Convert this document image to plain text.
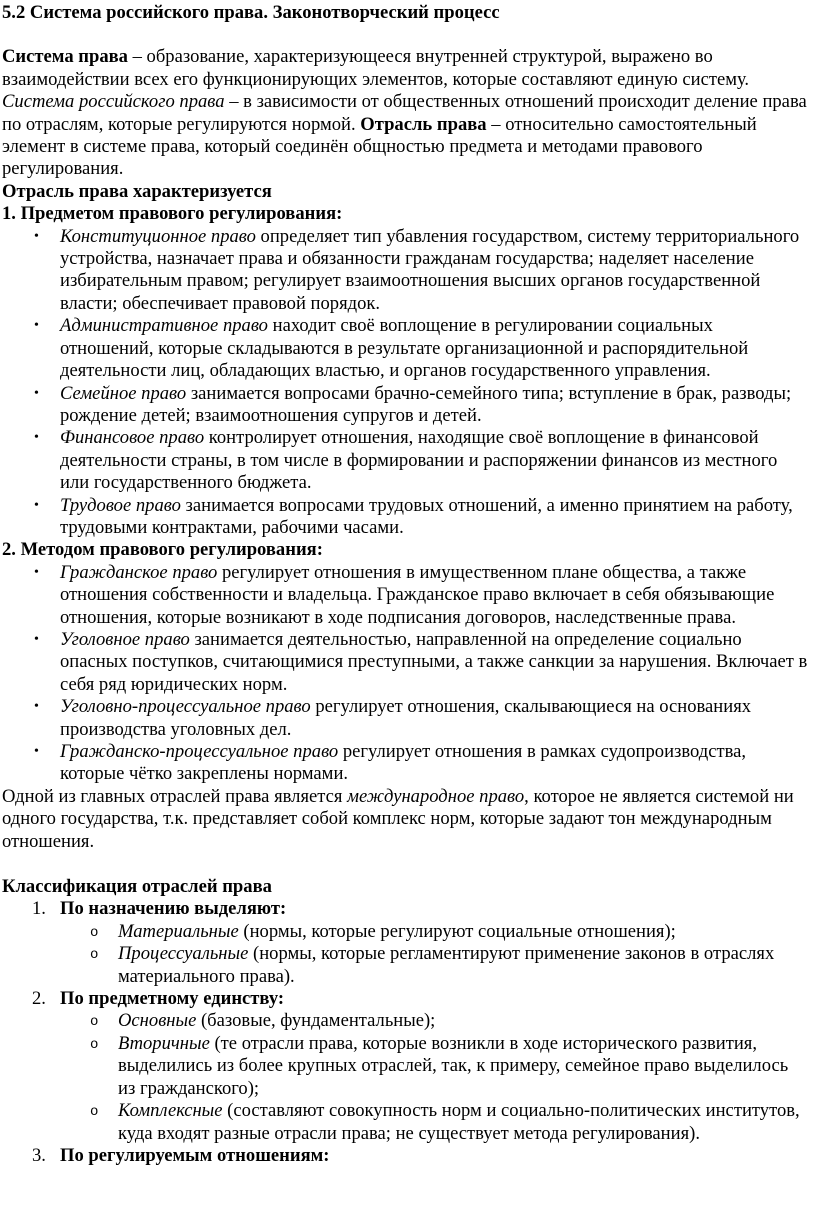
5.2 Система российского права. Законотворческий процесс

Система права – образование, характеризующееся внутренней структурой, выражено во взаимодействии всех его функционирующих элементов, которые составляют единую систему. Система российского права – в зависимости от общественных отношений происходит деление права по отраслям, которые регулируются нормой. Отрасль права – относительно самостоятельный элемент в системе права, который соединён общностью предмета и методами правового регулирования.

Отрасль права характеризуется

1. Предметом правового регулирования:

• Конституционное право определяет тип убавления государством, систему территориального устройства, назначает права и обязанности гражданам государства; наделяет население избирательным правом; регулирует взаимоотношения высших органов государственной власти; обеспечивает правовой порядок.
• Административное право находит своё воплощение в регулировании социальных отношений, которые складываются в результате организационной и распорядительной деятельности лиц, обладающих властью, и органов государственного управления.
• Семейное право занимается вопросами брачно-семейного типа; вступление в брак, разводы; рождение детей; взаимоотношения супругов и детей.
• Финансовое право контролирует отношения, находящие своё воплощение в финансовой деятельности страны, в том числе в формировании и распоряжении финансов из местного или государственного бюджета.
• Трудовое право занимается вопросами трудовых отношений, а именно принятием на работу, трудовыми контрактами, рабочими часами.

2. Методом правового регулирования:

• Гражданское право регулирует отношения в имущественном плане общества, а также отношения собственности и владельца. Гражданское право включает в себя обязывающие отношения, которые возникают в ходе подписания договоров, наследственные права.
• Уголовное право занимается деятельностью, направленной на определение социально опасных поступков, считающимися преступными, а также санкции за нарушения. Включает в себя ряд юридических норм.
• Уголовно-процессуальное право регулирует отношения, скалывающиеся на основаниях производства уголовных дел.
• Гражданско-процессуальное право регулирует отношения в рамках судопроизводства, которые чётко закреплены нормами.

Одной из главных отраслей права является международное право, которое не является системой ни одного государства, т.к. представляет собой комплекс норм, которые задают тон международным отношения.

Классификация отраслей права

1. По назначению выделяют:
o Материальные (нормы, которые регулируют социальные отношения);
o Процессуальные (нормы, которые регламентируют применение законов в отраслях материального права).
2. По предметному единству:
o Основные (базовые, фундаментальные);
o Вторичные (те отрасли права, которые возникли в ходе исторического развития, выделились из более крупных отраслей, так, к примеру, семейное право выделилось из гражданского);
o Комплексные (составляют совокупность норм и социально-политических институтов, куда входят разные отрасли права; не существует метода регулирования).
3. По регулируемым отношениям:
